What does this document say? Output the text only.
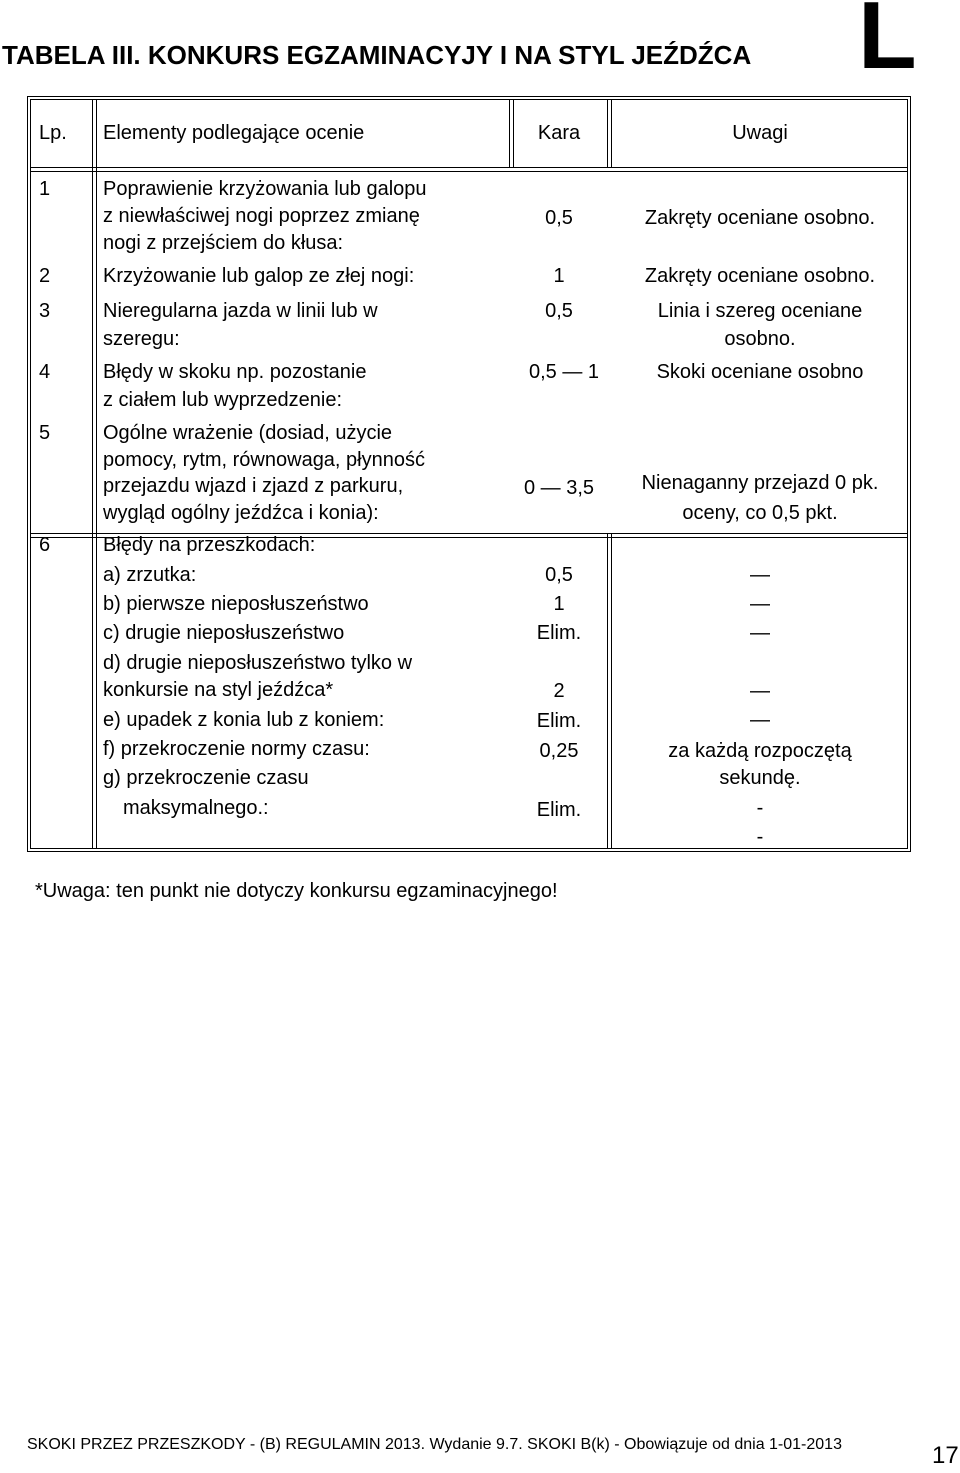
TABELA III. KONKURS EGZAMINACYJY I NA STYL JEŹDŹCA L
Lp. Elementy podlegające ocenie	Kara	Uwagi
1	Poprawienie krzyżowania lub galopu
z niewłaściwej nogi poprzez zmianę
nogi z przejściem do kłusa:
0,5	Zakręty oceniane osobno.
2	Krzyżowanie lub galop ze złej nogi:	1	Zakręty oceniane osobno.
3	Nieregularna jazda w linii lub w
szeregu:
0,5	Linia i szereg oceniane
osobno.
4	Błędy w skoku np. pozostanie
z ciałem lub wyprzedzenie:
0,5 — 1	Skoki oceniane osobno
5	Ogólne wrażenie (dosiad, użycie
pomocy, rytm, równowaga, płynność
przejazdu wjazd i zjazd z parkuru,
wygląd ogólny jeźdźca i konia):
0 — 3,5	Nienaganny przejazd 0 pk.
oceny, co 0,5 pkt.
6	Błędy na przeszkodach:
a) zrzutka:	0,5	—
b) pierwsze nieposłuszeństwo	1	—
c) drugie nieposłuszeństwo	Elim.	—
d) drugie nieposłuszeństwo tylko w
konkursie na styl jeźdźca*	2	—
e) upadek z konia lub z koniem:	Elim.	—
f) przekroczenie normy czasu:	0,25	za każdą rozpoczętą
sekundę.
g) przekroczenie czasu
maksymalnego.:	Elim.	-
-
*Uwaga: ten punkt nie dotyczy konkursu egzaminacyjnego!
SKOKI PRZEZ PRZESZKODY - (B) REGULAMIN 2013. Wydanie 9.7. SKOKI B(k) - Obowiązuje od dnia 1-01-2013	17
